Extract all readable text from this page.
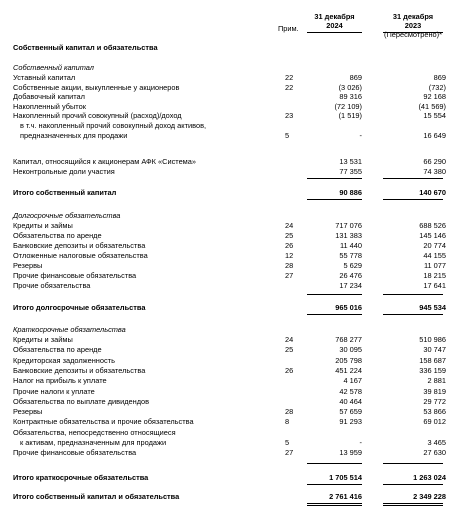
Прим.
31 декабря
2024
31 декабря
2023
(Пересмотрено)*
Собственный капитал и обязательства
Собственный капитал
Уставный капитал	22	869	869
Собственные акции, выкупленные у акционеров	22	(3 026)	(732)
Добавочный капитал	89 316	92 168
Накопленный убыток	(72 109)	(41 569)
Накопленный прочий совокупный (расход)/доход	23	(1 519)	15 554
в т.ч. накопленный прочий совокупный доход активов,
предназначенных для продажи	5	-	16 649
Капитал, относящийся к акционерам АФК «Система»	13 531	66 290
Неконтрольные доли участия	77 355	74 380
Итого собственный капитал	90 886	140 670
Долгосрочные обязательства
Кредиты и займы	24	717 076	688 526
Обязательства по аренде	25	131 383	145 146
Банковские депозиты и обязательства	26	11 440	20 774
Отложенные налоговые обязательства	12	55 778	44 155
Резервы	28	5 629	11 077
Прочие финансовые обязательства	27	26 476	18 215
Прочие обязательства	17 234	17 641
Итого долгосрочные обязательства	965 016	945 534
Краткосрочные обязательства
Кредиты и займы	24	768 277	510 986
Обязательства по аренде	25	30 095	30 747
Кредиторская задолженность	205 798	158 687
Банковские депозиты и обязательства	26	451 224	336 159
Налог на прибыль к уплате	4 167	2 881
Прочие налоги к уплате	42 578	39 819
Обязательства по выплате дивидендов	40 464	29 772
Резервы	28	57 659	53 866
Контрактные обязательства и прочие обязательства	8	91 293	69 012
Обязательства, непосредственно относящиеся
к активам, предназначенным для продажи	5	-	3 465
Прочие финансовые обязательства	27	13 959	27 630
Итого краткосрочные обязательства	1 705 514	1 263 024
Итого собственный капитал и обязательства	2 761 416	2 349 228
